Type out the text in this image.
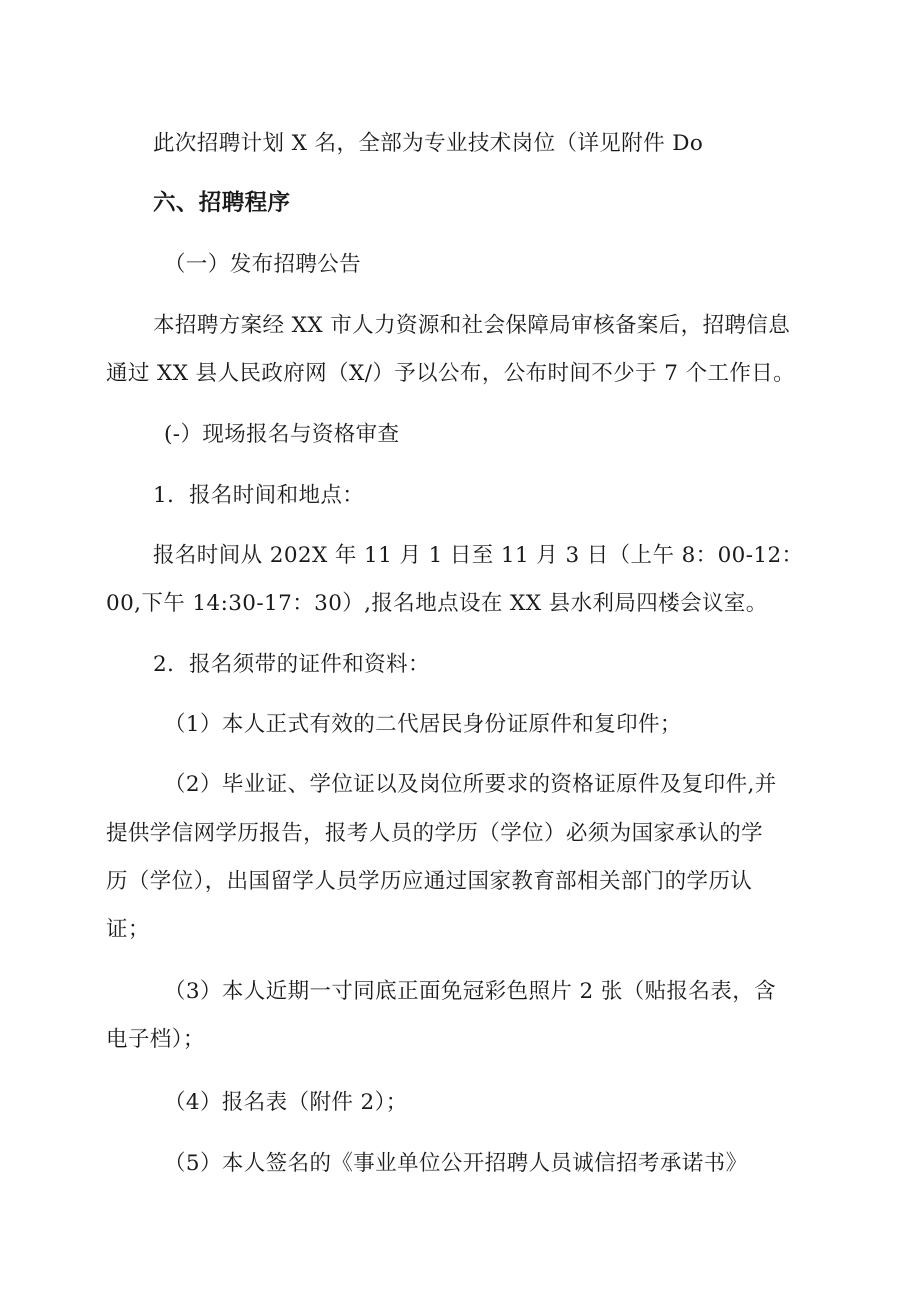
此次招聘计划 X 名，全部为专业技术岗位（详见附件 Do

六、招聘程序

（一）发布招聘公告

本招聘方案经 XX 市人力资源和社会保障局审核备案后，招聘信息

通过 XX 县人民政府网（X/）予以公布，公布时间不少于 7 个工作日。

(-）现场报名与资格审查

1．报名时间和地点：

报名时间从 202X 年 11 月 1 日至 11 月 3 日（上午 8：00-12：

00,下午 14:30-17：30）,报名地点设在 XX 县水利局四楼会议室。

2．报名须带的证件和资料：

（1）本人正式有效的二代居民身份证原件和复印件；

（2）毕业证、学位证以及岗位所要求的资格证原件及复印件,并

提供学信网学历报告，报考人员的学历（学位）必须为国家承认的学

历（学位），出国留学人员学历应通过国家教育部相关部门的学历认

证；

（3）本人近期一寸同底正面免冠彩色照片 2 张（贴报名表，含

电子档）；

（4）报名表（附件 2）；

（5）本人签名的《事业单位公开招聘人员诚信招考承诺书》
